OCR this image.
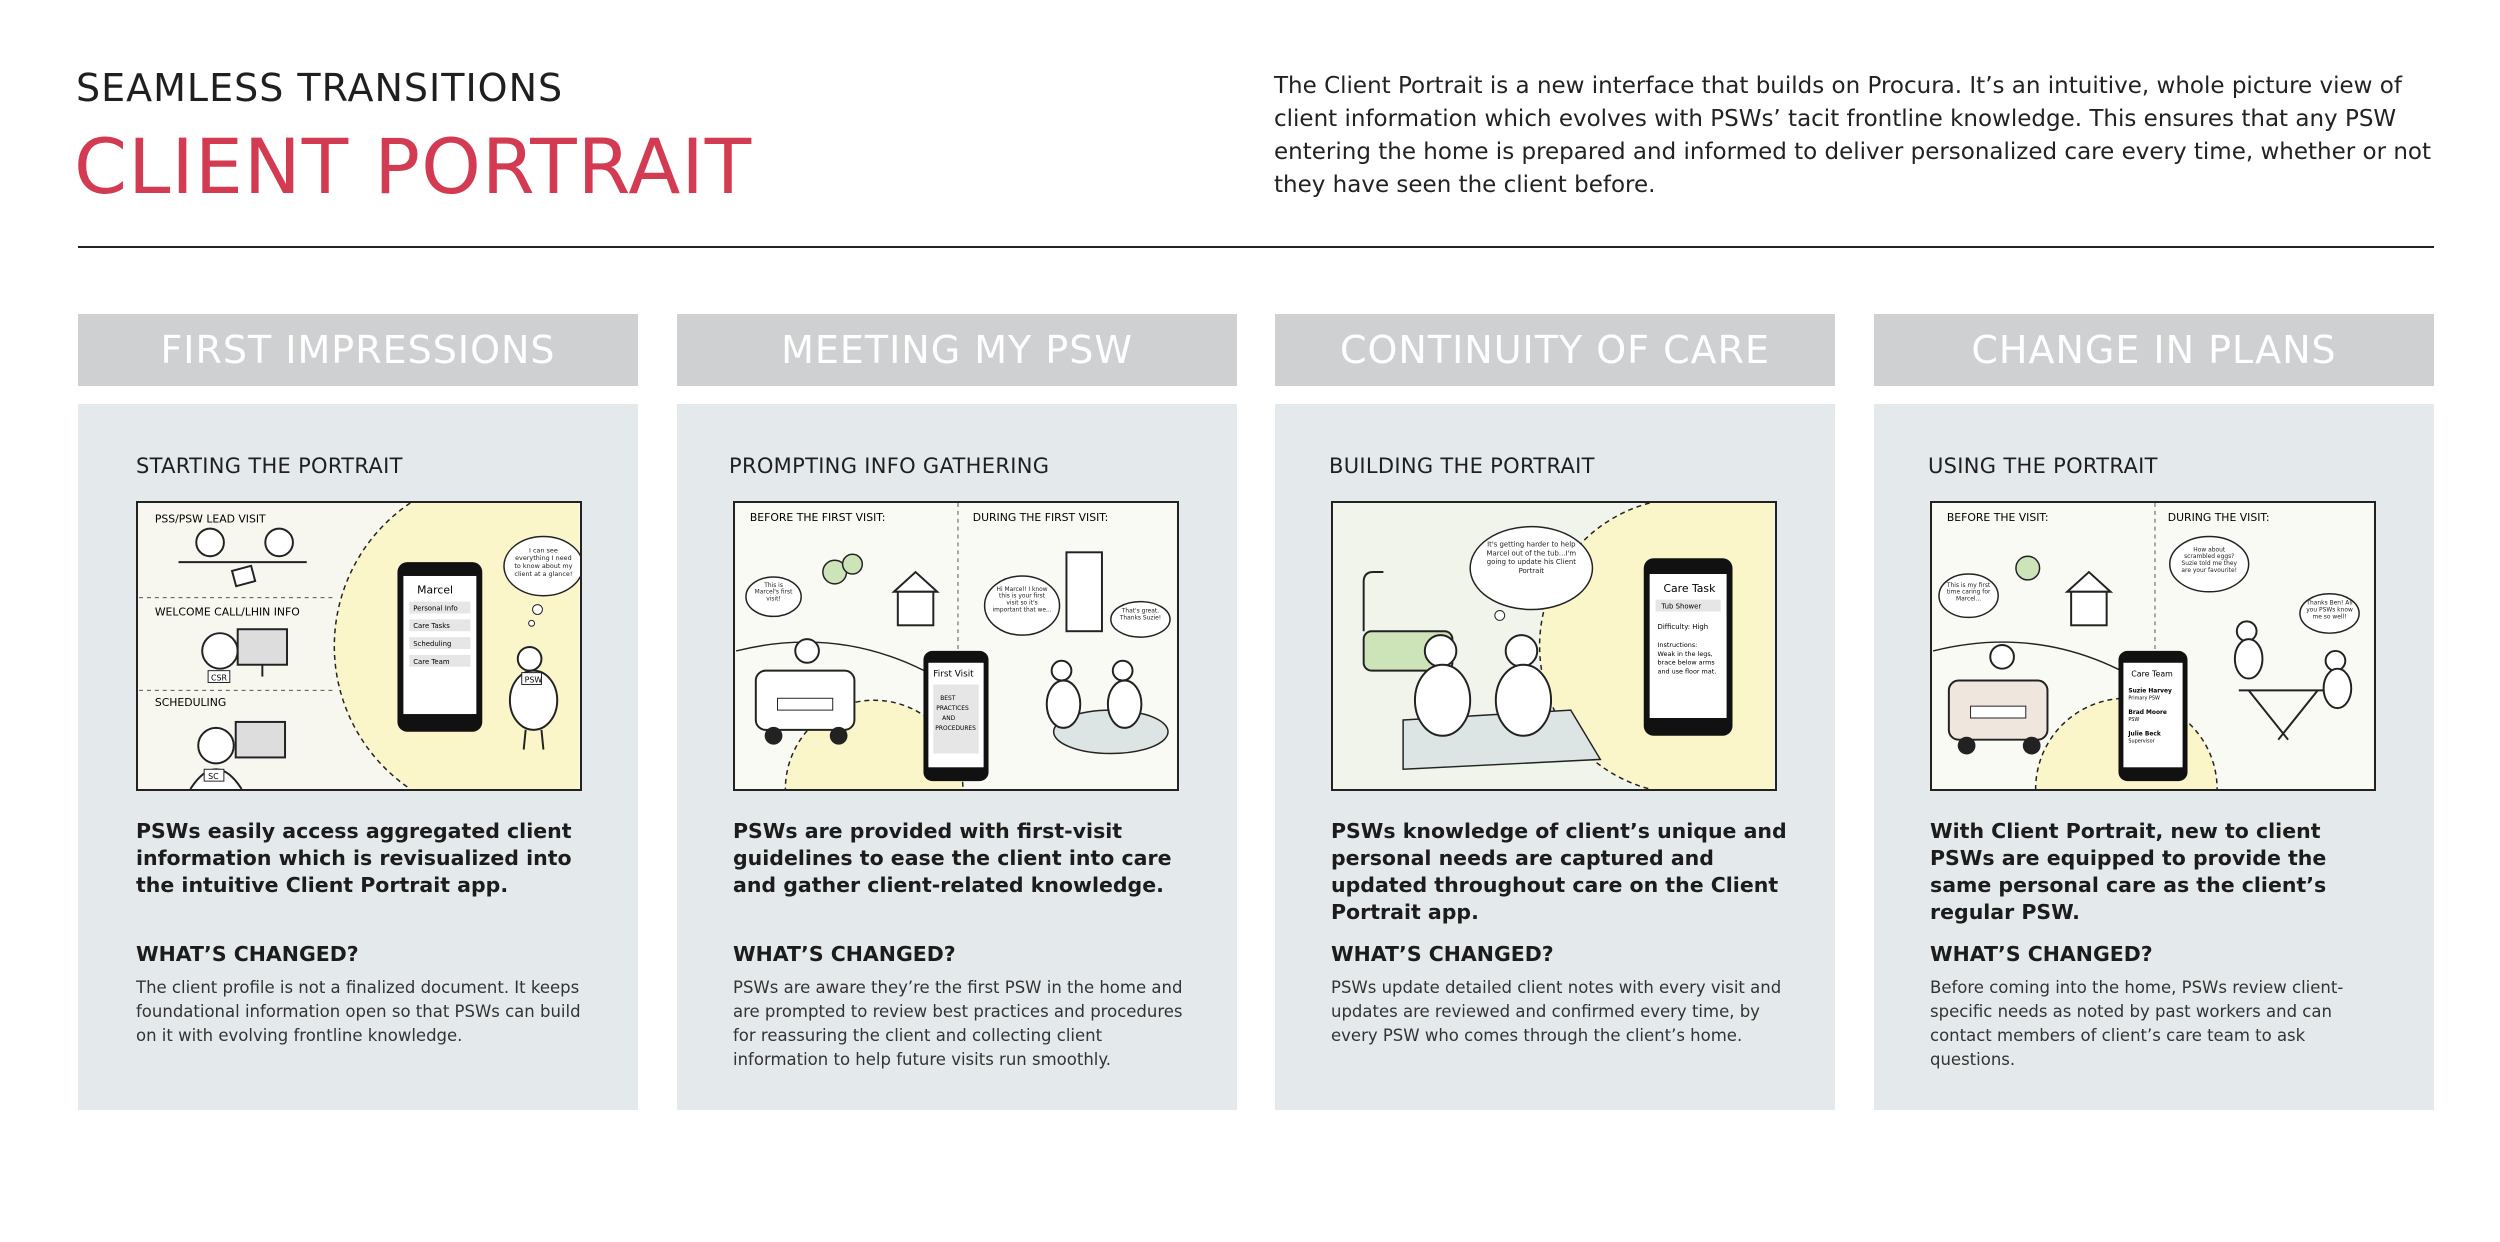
SEAMLESS TRANSITIONS
CLIENT PORTRAIT
The Client Portrait is a new interface that builds on Procura. It’s an intuitive, whole picture view of client information which evolves with PSWs’ tacit frontline knowledge. This ensures that any PSW entering the home is prepared and informed to deliver personalized care every time, whether or not they have seen the client before.
FIRST IMPRESSIONS
STARTING THE PORTRAIT
PSS/PSW LEAD VISIT
WELCOME CALL/LHIN INFO
SCHEDULING
CSR
SC
Marcel
Personal Info
Care Tasks
Scheduling
Care Team
PSW
I can see everything I need to know about my client at a glance!
PSWs easily access aggregated client information which is revisualized into the intuitive Client Portrait app.
WHAT’S CHANGED?
The client profile is not a finalized document. It keeps foundational information open so that PSWs can build on it with evolving frontline knowledge.
MEETING MY PSW
PROMPTING INFO GATHERING
BEFORE THE FIRST VISIT:	DURING THE FIRST VISIT:
This is Marcel's first visit!
First Visit
BEST
PRACTICES
AND
PROCEDURES
Hi Marcel! I know this is your first visit so it's important that we...	That's great. Thanks Suzie!
PSWs are provided with first-visit guidelines to ease the client into care and gather client-related knowledge.
WHAT’S CHANGED?
PSWs are aware they’re the first PSW in the home and are prompted to review best practices and procedures for reassuring the client and collecting client information to help future visits run smoothly.
CONTINUITY OF CARE
BUILDING THE PORTRAIT
It's getting harder to help Marcel out of the tub...I'm going to update his Client Portrait
Care Task
Tub Shower
Difficulty: High
Instructions:
Weak in the legs,
brace below arms
and use floor mat.
PSWs knowledge of client’s unique and personal needs are captured and updated throughout care on the Client Portrait app.
WHAT’S CHANGED?
PSWs update detailed client notes with every visit and updates are reviewed and confirmed every time, by every PSW who comes through the client’s home.
CHANGE IN PLANS
USING THE PORTRAIT
BEFORE THE VISIT:	DURING THE VISIT:
This is my first time caring for Marcel...
Care Team
Suzie Harvey
Primary PSW
Brad Moore
PSW
Julie Beck
Supervisor
How about scrambled eggs? Suzie told me they are your favourite!
Thanks Ben! All you PSWs know me so well!
With Client Portrait, new to client PSWs are equipped to provide the same personal care as the client’s regular PSW.
WHAT’S CHANGED?
Before coming into the home, PSWs review client-specific needs as noted by past workers and can contact members of client’s care team to ask questions.
